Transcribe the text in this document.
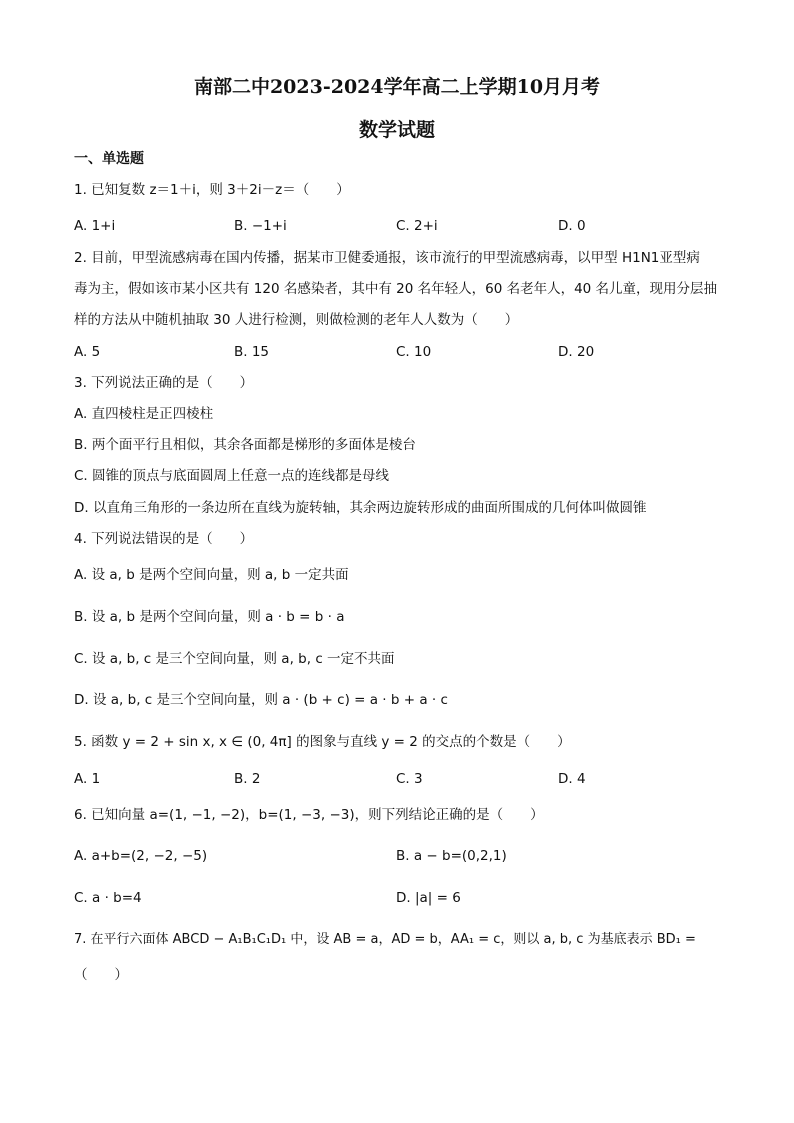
南部二中2023-2024学年高二上学期10月月考
数学试题
一、单选题
1. 已知复数 z＝1＋i，则 3＋2i－z＝（　　）
A. 1+i	B. −1+i	C. 2+i	D. 0
2. 目前，甲型流感病毒在国内传播，据某市卫健委通报，该市流行的甲型流感病毒，以甲型 H1N1亚型病
毒为主，假如该市某小区共有 120 名感染者，其中有 20 名年轻人，60 名老年人，40 名儿童，现用分层抽
样的方法从中随机抽取 30 人进行检测，则做检测的老年人人数为（　　）
A. 5	B. 15	C. 10	D. 20
3. 下列说法正确的是（　　）
A. 直四棱柱是正四棱柱
B. 两个面平行且相似，其余各面都是梯形的多面体是棱台
C. 圆锥的顶点与底面圆周上任意一点的连线都是母线
D. 以直角三角形的一条边所在直线为旋转轴，其余两边旋转形成的曲面所围成的几何体叫做圆锥
4. 下列说法错误的是（　　）
A. 设 a, b 是两个空间向量，则 a, b 一定共面
B. 设 a, b 是两个空间向量，则 a · b = b · a
C. 设 a, b, c 是三个空间向量，则 a, b, c 一定不共面
D. 设 a, b, c 是三个空间向量，则 a · (b + c) = a · b + a · c
5. 函数 y = 2 + sin x, x ∈ (0, 4π] 的图象与直线 y = 2 的交点的个数是（　　）
A. 1	B. 2	C. 3	D. 4
6. 已知向量 a=(1, −1, −2)，b=(1, −3, −3)，则下列结论正确的是（　　）
A. a+b=(2, −2, −5)	B. a − b=(0,2,1)
C. a · b=4	D. |a| = 6
7. 在平行六面体 ABCD − A₁B₁C₁D₁ 中，设 AB = a，AD = b，AA₁ = c，则以 a, b, c 为基底表示 BD₁ =
（　　）
